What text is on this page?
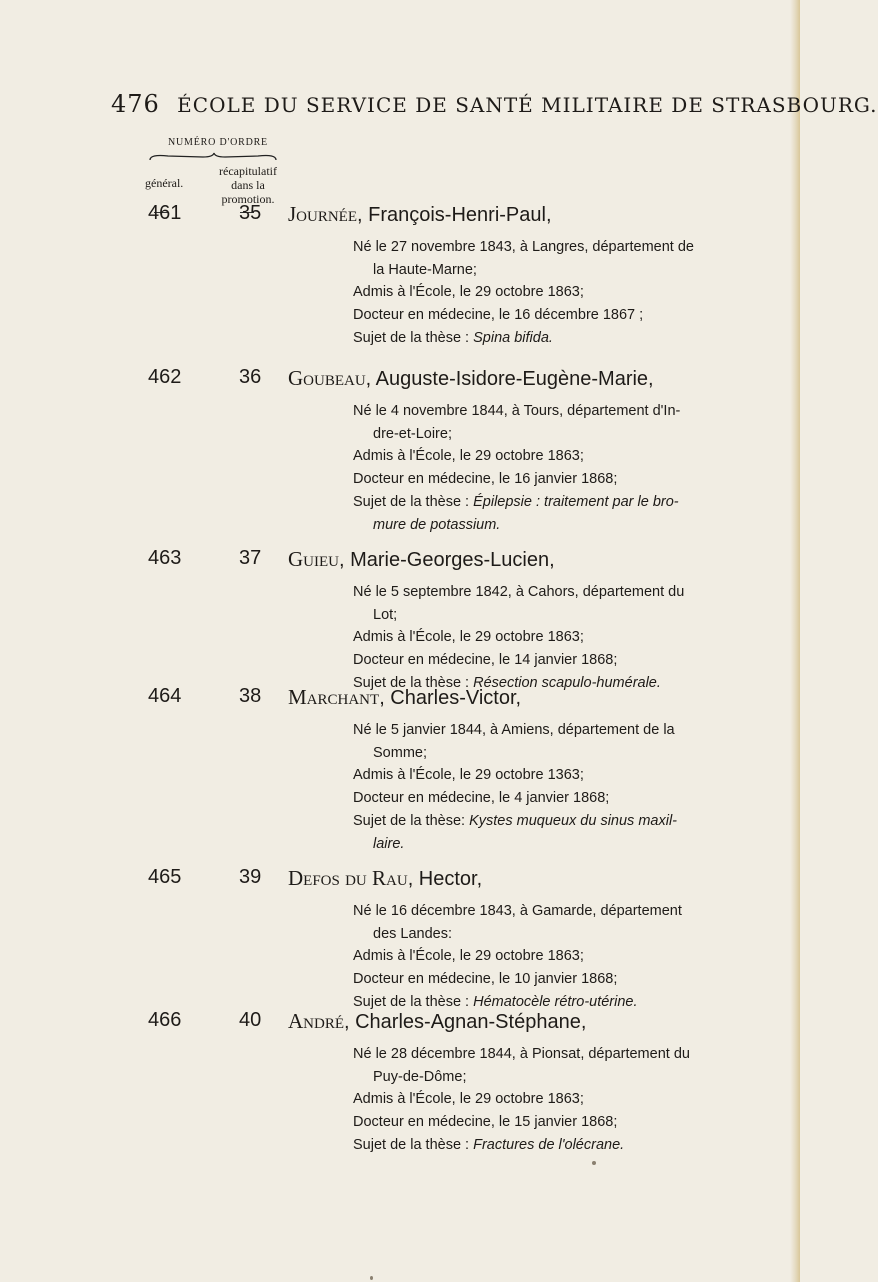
476 ÉCOLE DU SERVICE DE SANTÉ MILITAIRE DE STRASBOURG.
NUMÉRO D'ORDRE
général.
récapitulatif
dans la
promotion.
461	35 Journée, François-Henri-Paul,
Né le 27 novembre 1843, à Langres, département de
la Haute-Marne;
Admis à l'École, le 29 octobre 1863;
Docteur en médecine, le 16 décembre 1867 ;
Sujet de la thèse : Spina bifida.
462	36 Goubeau, Auguste-Isidore-Eugène-Marie,
Né le 4 novembre 1844, à Tours, département d'In-
dre-et-Loire;
Admis à l'École, le 29 octobre 1863;
Docteur en médecine, le 16 janvier 1868;
Sujet de la thèse : Épilepsie : traitement par le bro-
mure de potassium.
463	37 Guieu, Marie-Georges-Lucien,
Né le 5 septembre 1842, à Cahors, département du
Lot;
Admis à l'École, le 29 octobre 1863;
Docteur en médecine, le 14 janvier 1868;
Sujet de la thèse : Résection scapulo-humérale.
464	38 Marchant, Charles-Victor,
Né le 5 janvier 1844, à Amiens, département de la
Somme;
Admis à l'École, le 29 octobre 1363;
Docteur en médecine, le 4 janvier 1868;
Sujet de la thèse: Kystes muqueux du sinus maxil-
laire.
465	39 Defos du Rau, Hector,
Né le 16 décembre 1843, à Gamarde, département
des Landes:
Admis à l'École, le 29 octobre 1863;
Docteur en médecine, le 10 janvier 1868;
Sujet de la thèse : Hématocèle rétro-utérine.
466	40 André, Charles-Agnan-Stéphane,
Né le 28 décembre 1844, à Pionsat, département du
Puy-de-Dôme;
Admis à l'École, le 29 octobre 1863;
Docteur en médecine, le 15 janvier 1868;
Sujet de la thèse : Fractures de l'olécrane.
